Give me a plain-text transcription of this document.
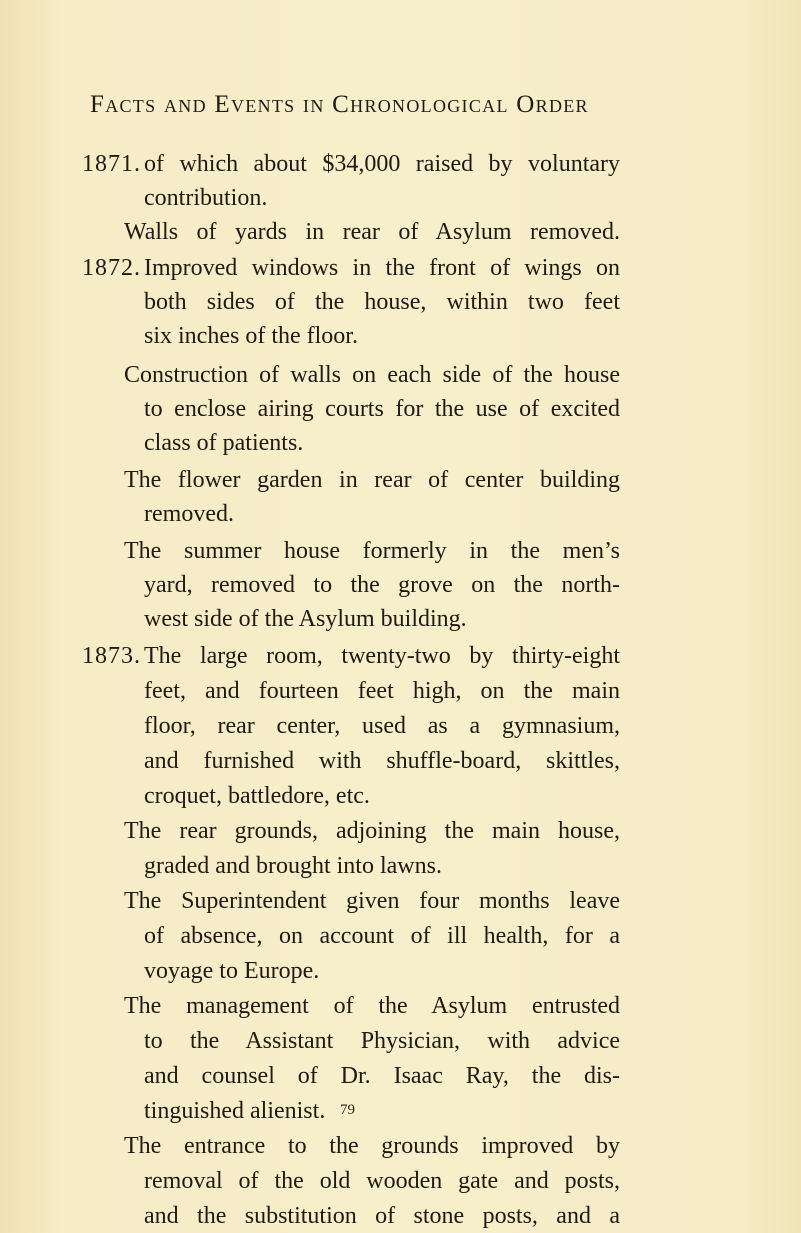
Facts and Events in Chronological Order
1871. of which about $34,000 raised by voluntary
contribution.
Walls of yards in rear of Asylum removed.
1872. Improved windows in the front of wings on
both sides of the house, within two feet
six inches of the floor.
Construction of walls on each side of the house
to enclose airing courts for the use of excited
class of patients.
The flower garden in rear of center building
removed.
The summer house formerly in the men’s
yard, removed to the grove on the north-
west side of the Asylum building.
1873. The large room, twenty-two by thirty-eight
feet, and fourteen feet high, on the main
floor, rear center, used as a gymnasium,
and furnished with shuffle-board, skittles,
croquet, battledore, etc.
The rear grounds, adjoining the main house,
graded and brought into lawns.
The Superintendent given four months leave
of absence, on account of ill health, for a
voyage to Europe.
The management of the Asylum entrusted
to the Assistant Physician, with advice
and counsel of Dr. Isaac Ray, the dis-
tinguished alienist.
The entrance to the grounds improved by
removal of the old wooden gate and posts,
and the substitution of stone posts, and a
79
